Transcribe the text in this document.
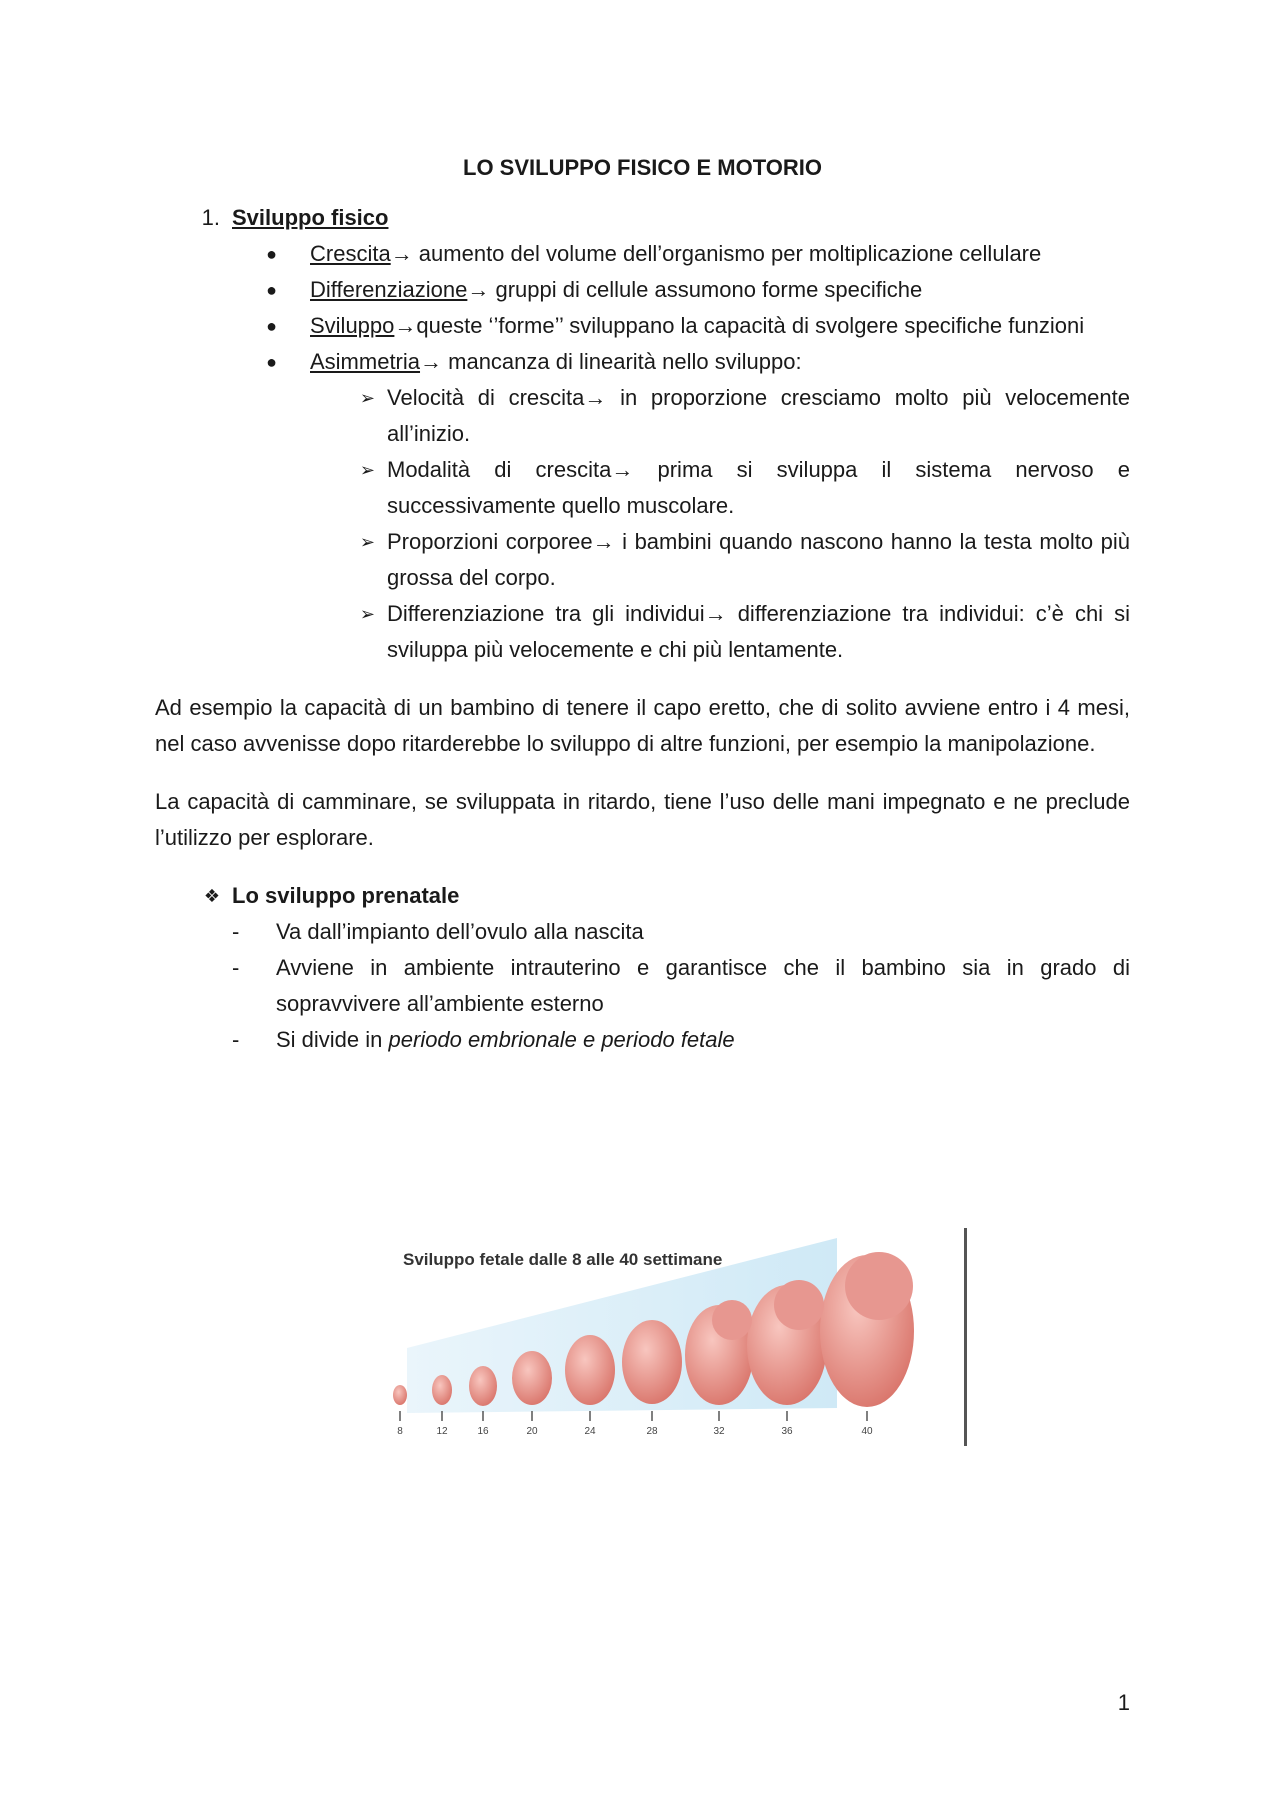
LO SVILUPPO FISICO E MOTORIO
1. Sviluppo fisico
●	Crescita→ aumento del volume dell’organismo per moltiplicazione cellulare
●	Differenziazione→ gruppi di cellule assumono forme specifiche
●	Sviluppo→queste ‘’forme’’ sviluppano la capacità di svolgere specifiche funzioni
●	Asimmetria→ mancanza di linearità nello sviluppo:
➢ Velocità di crescita→ in proporzione cresciamo molto più velocemente all’inizio.
➢ Modalità di crescita→ prima si sviluppa il sistema nervoso e successivamente quello muscolare.
➢ Proporzioni corporee→ i bambini quando nascono hanno la testa molto più grossa del corpo.
➢ Differenziazione tra gli individui→ differenziazione tra individui: c’è chi si sviluppa più velocemente e chi più lentamente.
Ad esempio la capacità di un bambino di tenere il capo eretto, che di solito avviene entro i 4 mesi, nel caso avvenisse dopo ritarderebbe lo sviluppo di altre funzioni, per esempio la manipolazione.
La capacità di camminare, se sviluppata in ritardo, tiene l’uso delle mani impegnato e ne preclude l’utilizzo per esplorare.
❖ Lo sviluppo prenatale
-	Va dall’impianto dell’ovulo alla nascita
-	Avviene in ambiente intrauterino e garantisce che il bambino sia in grado di sopravvivere all’ambiente esterno
-	Si divide in periodo embrionale e periodo fetale
8	12	16	20	24	28	32	36	40
Sviluppo fetale dalle 8 alle 40 settimane
1
